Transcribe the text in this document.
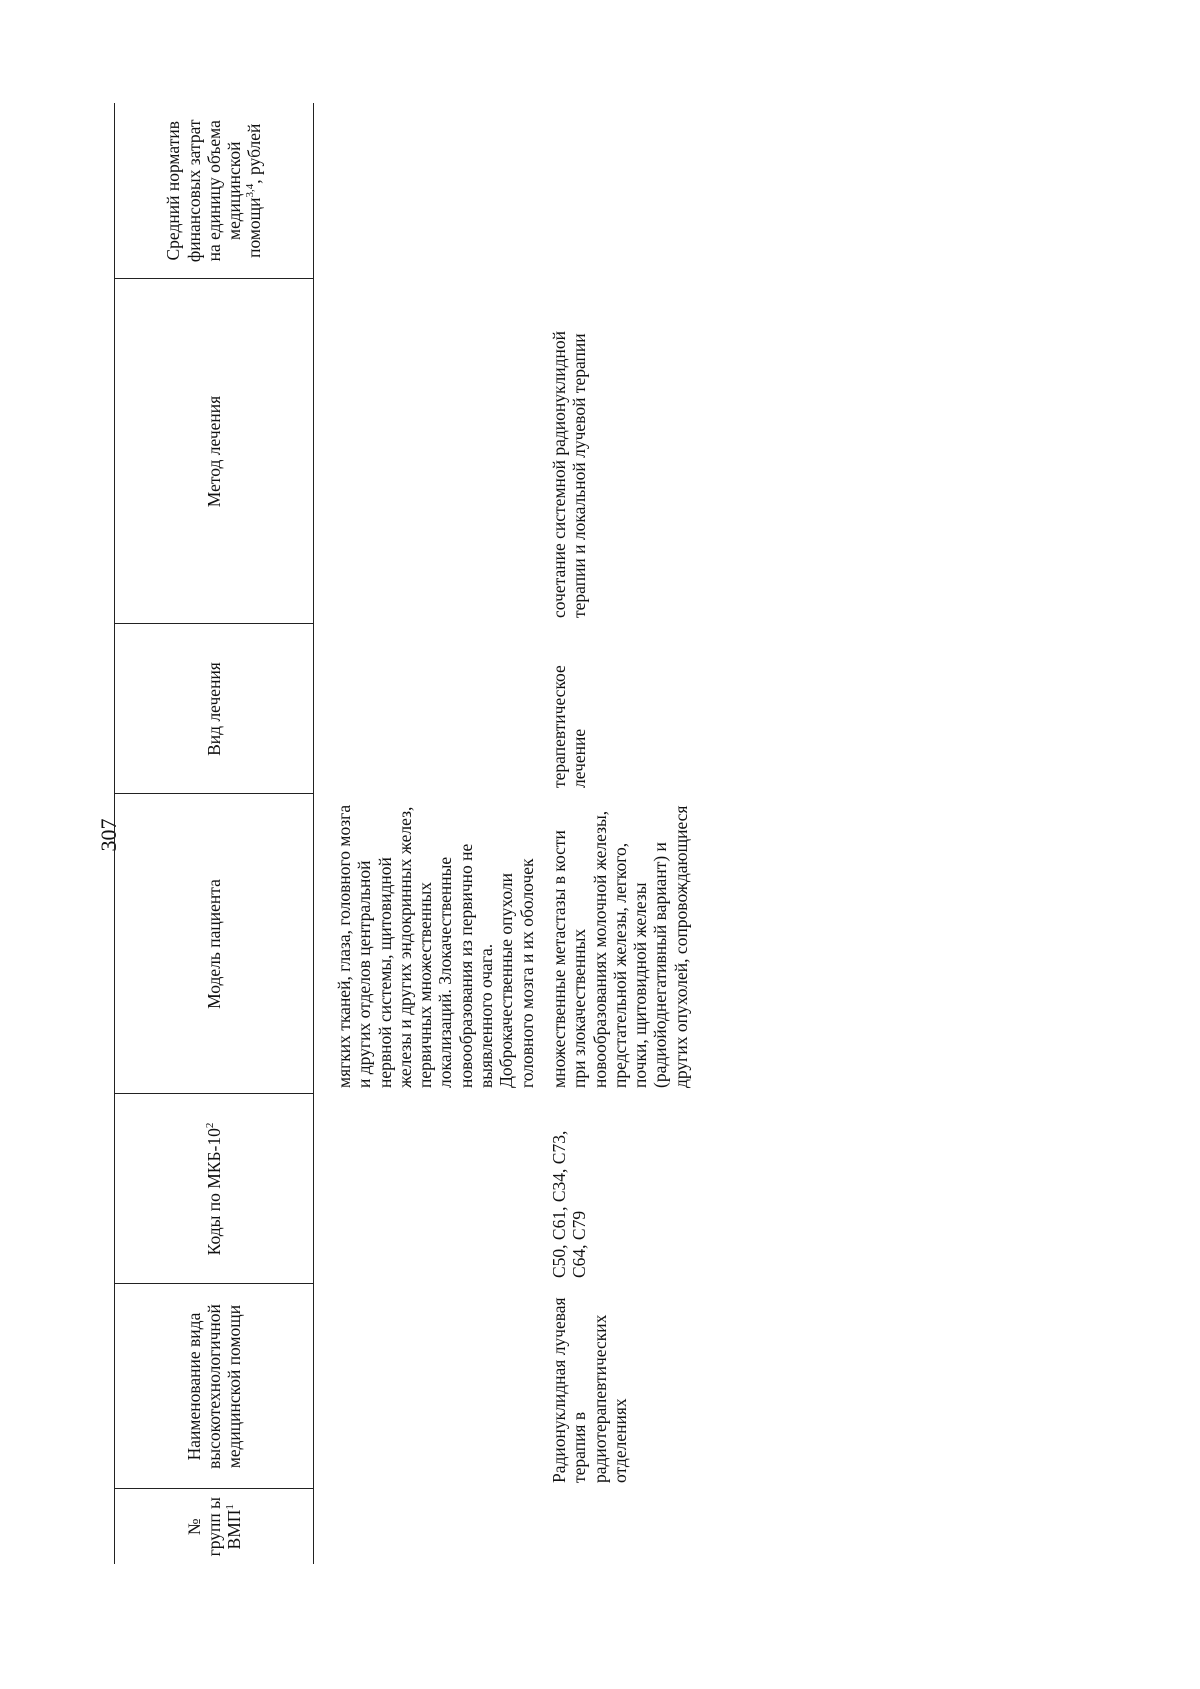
307
№ групп ы ВМП$^1$	Наименование вида высокотехнологичной медицинской помощи	Коды по МКБ-$10^2$	Модель пациента	Вид лечения	Метод лечения	Средний норматив финансовых затрат на единицу объема медицинской помощи$^{3,4}$, рублей
			мягких тканей, глаза, головного мозга и других отделов центральной нервной системы, щитовидной железы и других эндокринных желез, первичных множественных локализаций. Злокачественные новообразования из первично не выявленного очага. Доброкачественные опухоли головного мозга и их оболочек			
	Радионуклидная лучевая терапия в радиотерапевтических отделениях	C50, C61, C34, C73, C64, C79	множественные метастазы в кости при злокачественных новообразованиях молочной железы, предстательной железы, легкого, почки, щитовидной железы (радиойоднегативный вариант) и других опухолей, сопровождающиеся	терапевтическое лечение	сочетание системной радионуклидной терапии и локальной лучевой терапии	
